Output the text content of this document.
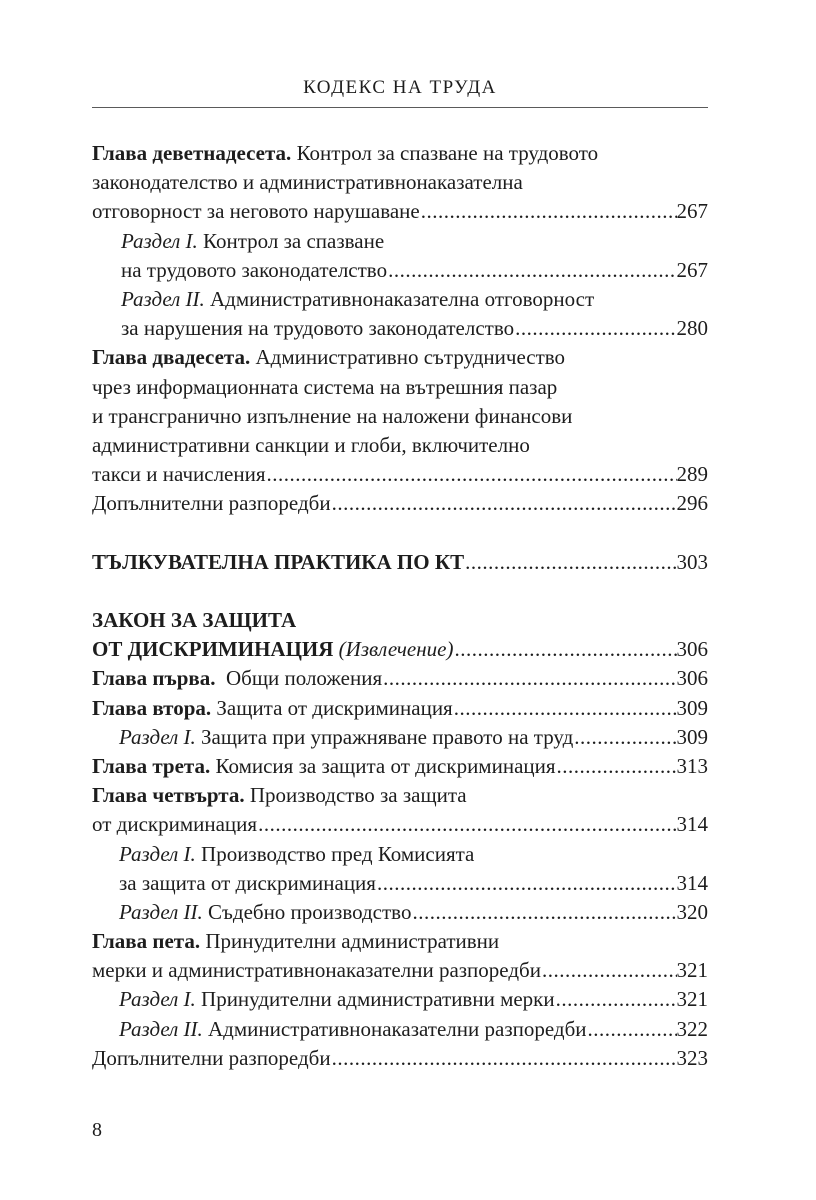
КОДЕКС НА ТРУДА
Глава деветнадесета. Контрол за спазване на трудовото
законодателство и административнонаказателна
отговорност за неговото нарушаване .....	267
Раздел I. Контрол за спазване
на трудовото законодателство .....	267
Раздел II. Административнонаказателна отговорност
за нарушения на трудовото законодателство .....	280
Глава двадесета. Административно сътрудничество
чрез информационната система на вътрешния пазар
и трансгранично изпълнение на наложени финансови
административни санкции и глоби, включително
такси и начисления .....	289
Допълнителни разпоредби .....	296
ТЪЛКУВАТЕЛНА ПРАКТИКА ПО КТ .....	303
ЗАКОН ЗА ЗАЩИТА
ОТ ДИСКРИМИНАЦИЯ (Извлечение) .....	306
Глава първа. Общи положения .....	306
Глава втора. Защита от дискриминация .....	309
Раздел I. Защита при упражняване правото на труд .....	309
Глава трета. Комисия за защита от дискриминация .....	313
Глава четвърта. Производство за защита
от дискриминация .....	314
Раздел I. Производство пред Комисията
за защита от дискриминация .....	314
Раздел II. Съдебно производство .....	320
Глава пета. Принудителни административни
мерки и административнонаказателни разпоредби .....	321
Раздел I. Принудителни административни мерки .....	321
Раздел II. Административнонаказателни разпоредби .....	322
Допълнителни разпоредби .....	323
8
